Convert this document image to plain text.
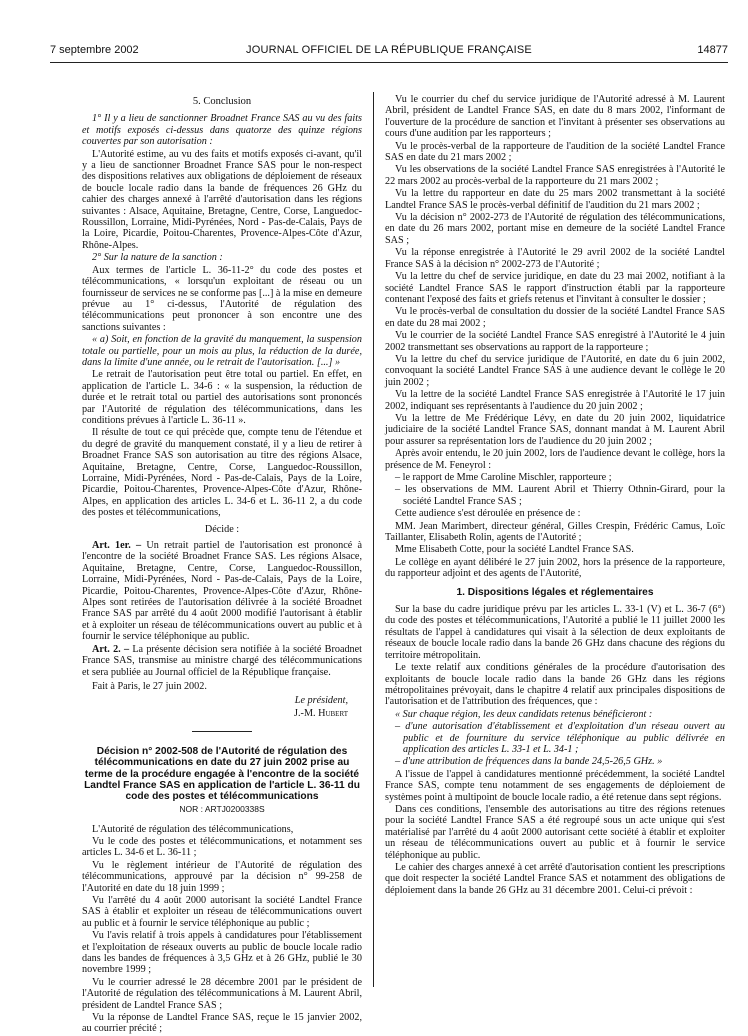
7 septembre 2002	JOURNAL OFFICIEL DE LA RÉPUBLIQUE FRANÇAISE	14877

5. Conclusion

1° Il y a lieu de sanctionner Broadnet France SAS au vu des faits et motifs exposés ci-dessus dans quatorze des quinze régions couvertes par son autorisation :

L'Autorité estime, au vu des faits et motifs exposés ci-avant, qu'il y a lieu de sanctionner Broadnet France SAS pour le non-respect des dispositions relatives aux obligations de déploiement de réseaux de boucle locale radio dans la bande de fréquences 26 GHz du cahier des charges annexé à l'arrêté d'autorisation dans les régions suivantes : Alsace, Aquitaine, Bretagne, Centre, Corse, Languedoc-Roussillon, Lorraine, Midi-Pyrénées, Nord - Pas-de-Calais, Pays de la Loire, Picardie, Poitou-Charentes, Provence-Alpes-Côte d'Azur, Rhône-Alpes.

2° Sur la nature de la sanction :

Aux termes de l'article L. 36-11-2° du code des postes et télécommunications, « lorsqu'un exploitant de réseau ou un fournisseur de services ne se conforme pas [...] à la mise en demeure prévue au 1° ci-dessus, l'Autorité de régulation des télécommunications peut prononcer à son encontre une des sanctions suivantes :

« a) Soit, en fonction de la gravité du manquement, la suspension totale ou partielle, pour un mois au plus, la réduction de la durée, dans la limite d'une année, ou le retrait de l'autorisation. [...] »

Le retrait de l'autorisation peut être total ou partiel. En effet, en application de l'article L. 34-6 : « la suspension, la réduction de durée et le retrait total ou partiel des autorisations sont prononcés par l'Autorité de régulation des télécommunications, dans les conditions prévues à l'article L. 36-11 ».

Il résulte de tout ce qui précède que, compte tenu de l'étendue et du degré de gravité du manquement constaté, il y a lieu de retirer à Broadnet France SAS son autorisation au titre des régions Alsace, Aquitaine, Bretagne, Centre, Corse, Languedoc-Roussillon, Lorraine, Midi-Pyrénées, Nord - Pas-de-Calais, Pays de la Loire, Picardie, Poitou-Charentes, Provence-Alpes-Côte d'Azur, Rhône-Alpes, en application des articles L. 34-6 et L. 36-11 2, a du code des postes et télécommunications,

Décide :

Art. 1er. – Un retrait partiel de l'autorisation est prononcé à l'encontre de la société Broadnet France SAS. Les régions Alsace, Aquitaine, Bretagne, Centre, Corse, Languedoc-Roussillon, Lorraine, Midi-Pyrénées, Nord - Pas-de-Calais, Pays de la Loire, Picardie, Poitou-Charentes, Provence-Alpes-Côte d'Azur, Rhône-Alpes sont retirées de l'autorisation délivrée à la société Broadnet France SAS par arrêté du 4 août 2000 modifié l'autorisant à établir et à exploiter un réseau de télécommunications ouvert au public et à fournir le service téléphonique au public.

Art. 2. – La présente décision sera notifiée à la société Broadnet France SAS, transmise au ministre chargé des télécommunications et sera publiée au Journal officiel de la République française.

Fait à Paris, le 27 juin 2002.

Le président,

J.-M. Hubert

Décision n° 2002-508 de l'Autorité de régulation des télécommunications en date du 27 juin 2002 prise au terme de la procédure engagée à l'encontre de la société Landtel France SAS en application de l'article L. 36-11 du code des postes et télécommunications

NOR : ARTJ0200338S

L'Autorité de régulation des télécommunications,

Vu le code des postes et télécommunications, et notamment ses articles L. 34-6 et L. 36-11 ;

Vu le règlement intérieur de l'Autorité de régulation des télécommunications, approuvé par la décision n° 99-258 de l'Autorité en date du 18 juin 1999 ;

Vu l'arrêté du 4 août 2000 autorisant la société Landtel France SAS à établir et exploiter un réseau de télécommunications ouvert au public et à fournir le service téléphonique au public ;

Vu l'avis relatif à trois appels à candidatures pour l'établissement et l'exploitation de réseaux ouverts au public de boucle locale radio dans les bandes de fréquences à 3,5 GHz et à 26 GHz, publié le 30 novembre 1999 ;

Vu le courrier adressé le 28 décembre 2001 par le président de l'Autorité de régulation des télécommunications à M. Laurent Abril, président de Landtel France SAS ;

Vu la réponse de Landtel France SAS, reçue le 15 janvier 2002, au courrier précité ;

Vu le courrier du chef du service juridique de l'Autorité adressé à M. Laurent Abril, président de Landtel France SAS, en date du 8 mars 2002, l'informant de l'ouverture de la procédure de sanction et l'invitant à présenter ses observations au cours d'une audition par les rapporteurs ;

Vu le procès-verbal de la rapporteure de l'audition de la société Landtel France SAS en date du 21 mars 2002 ;

Vu les observations de la société Landtel France SAS enregistrées à l'Autorité le 22 mars 2002 au procès-verbal de la rapporteure du 21 mars 2002 ;

Vu la lettre du rapporteur en date du 25 mars 2002 transmettant à la société Landtel France SAS le procès-verbal définitif de l'audition du 21 mars 2002 ;

Vu la décision n° 2002-273 de l'Autorité de régulation des télécommunications, en date du 26 mars 2002, portant mise en demeure de la société Landtel France SAS ;

Vu la réponse enregistrée à l'Autorité le 29 avril 2002 de la société Landtel France SAS à la décision n° 2002-273 de l'Autorité ;

Vu la lettre du chef de service juridique, en date du 23 mai 2002, notifiant à la société Landtel France SAS le rapport d'instruction établi par la rapporteure contenant l'exposé des faits et griefs retenus et l'invitant à consulter le dossier ;

Vu le procès-verbal de consultation du dossier de la société Landtel France SAS en date du 28 mai 2002 ;

Vu le courrier de la société Landtel France SAS enregistré à l'Autorité le 4 juin 2002 transmettant ses observations au rapport de la rapporteure ;

Vu la lettre du chef du service juridique de l'Autorité, en date du 6 juin 2002, convoquant la société Landtel France SAS à une audience devant le collège le 20 juin 2002 ;

Vu la lettre de la société Landtel France SAS enregistrée à l'Autorité le 17 juin 2002, indiquant ses représentants à l'audience du 20 juin 2002 ;

Vu la lettre de Me Frédérique Lévy, en date du 20 juin 2002, liquidatrice judiciaire de la société Landtel France SAS, donnant mandat à M. Laurent Abril pour assurer sa représentation lors de l'audience du 20 juin 2002 ;

Après avoir entendu, le 20 juin 2002, lors de l'audience devant le collège, hors la présence de M. Feneyrol :

– le rapport de Mme Caroline Mischler, rapporteure ;

– les observations de MM. Laurent Abril et Thierry Othnin-Girard, pour la société Landtel France SAS ;

Cette audience s'est déroulée en présence de :

MM. Jean Marimbert, directeur général, Gilles Crespin, Frédéric Camus, Loïc Taillanter, Elisabeth Rolin, agents de l'Autorité ;

Mme Elisabeth Cotte, pour la société Landtel France SAS.

Le collège en ayant délibéré le 27 juin 2002, hors la présence de la rapporteure, du rapporteur adjoint et des agents de l'Autorité,

1. Dispositions légales et réglementaires

Sur la base du cadre juridique prévu par les articles L. 33-1 (V) et L. 36-7 (6°) du code des postes et télécommunications, l'Autorité a publié le 11 juillet 2000 les résultats de l'appel à candidatures qui visait à la sélection de deux exploitants de réseaux de boucle locale radio dans la bande 26 GHz dans chacune des régions du territoire métropolitain.

Le texte relatif aux conditions générales de la procédure d'autorisation des exploitants de boucle locale radio dans la bande 26 GHz dans les régions métropolitaines prévoyait, dans le chapitre 4 relatif aux principales dispositions de l'autorisation et de l'attribution des fréquences, que :

« Sur chaque région, les deux candidats retenus bénéficieront :

– d'une autorisation d'établissement et d'exploitation d'un réseau ouvert au public et de fourniture du service téléphonique au public délivrée en application des articles L. 33-1 et L. 34-1 ;

– d'une attribution de fréquences dans la bande 24,5-26,5 GHz. »

A l'issue de l'appel à candidatures mentionné précédemment, la société Landtel France SAS, compte tenu notamment de ses engagements de déploiement de systèmes point à multipoint de boucle locale radio, a été retenue dans sept régions.

Dans ces conditions, l'ensemble des autorisations au titre des régions retenues pour la société Landtel France SAS a été regroupé sous un acte unique qui s'est matérialisé par l'arrêté du 4 août 2000 autorisant cette société à établir et exploiter un réseau de télécommunications ouvert au public et à fournir le service téléphonique au public.

Le cahier des charges annexé à cet arrêté d'autorisation contient les prescriptions que doit respecter la société Landtel France SAS et notamment des obligations de déploiement dans la bande 26 GHz au 31 décembre 2001. Celui-ci prévoit :
